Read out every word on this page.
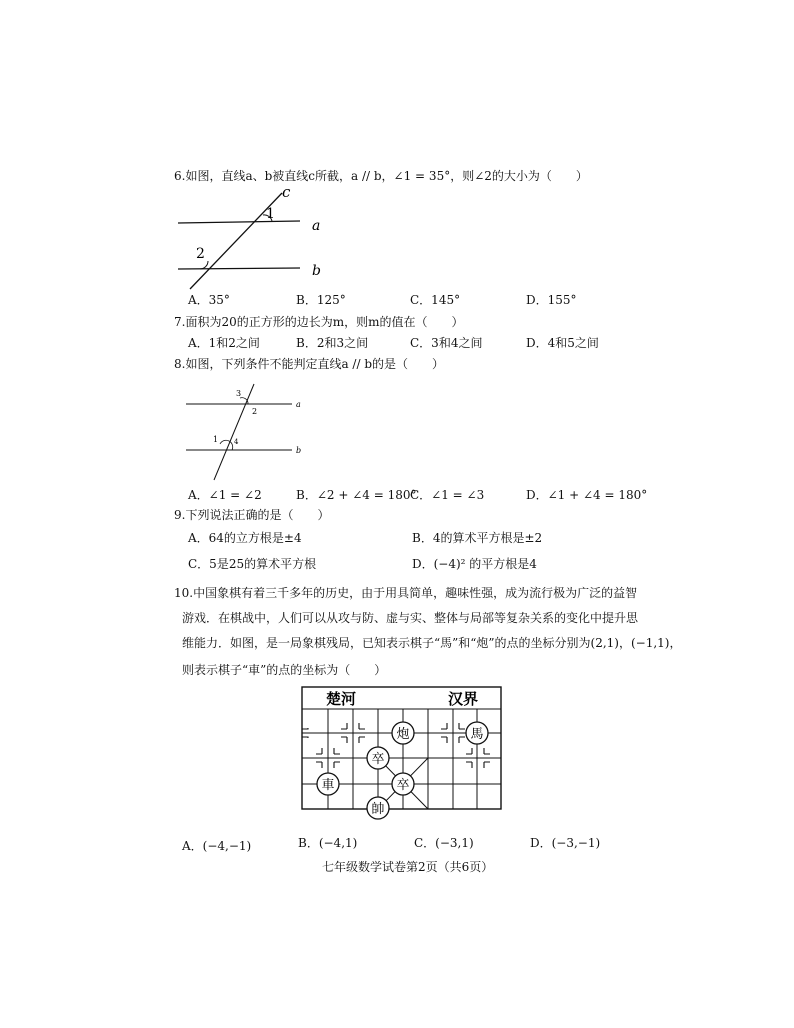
6.如图，直线a、b被直线c所截，a // b，∠1 = 35°，则∠2的大小为（　　）
c
a
b
1
2
A．35°	B．125°	C．145°	D．155°
7.面积为20的正方形的边长为m，则m的值在（　　）
A．1和2之间	B．2和3之间	C．3和4之间	D．4和5之间
8.如图，下列条件不能判定直线a // b的是（　　）
a
b
3
2
1 4
A．∠1 = ∠2	B．∠2 + ∠4 = 180°
C．∠1 = ∠3	D．∠1 + ∠4 = 180°
9.下列说法正确的是（　　）
A．64的立方根是±4	B．4的算术平方根是±2
C．5是25的算术平方根	D．(−4)² 的平方根是4
10.中国象棋有着三千多年的历史，由于用具简单，趣味性强，成为流行极为广泛的益智
游戏．在棋战中，人们可以从攻与防、虚与实、整体与局部等复杂关系的变化中提升思
维能力．如图，是一局象棋残局，已知表示棋子“馬”和“炮”的点的坐标分别为(2,1)，(−1,1)，
则表示棋子“車”的点的坐标为（　　）
楚河	汉界
炮	馬
卒
卒
車
帥
A．(−4,−1)	B．(−4,1)	C．(−3,1)	D．(−3,−1)
七年级数学试卷第2页（共6页）
